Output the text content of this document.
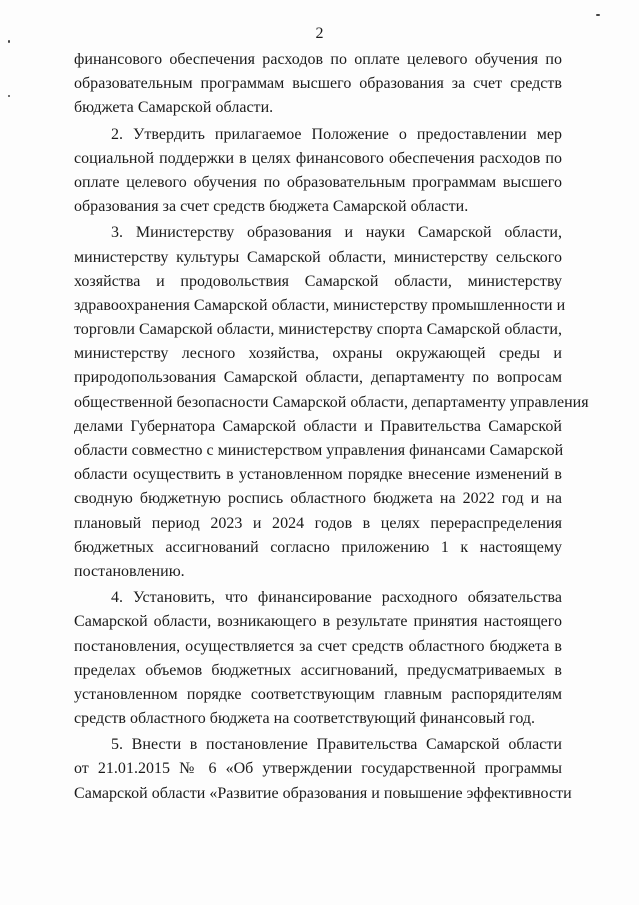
2
финансового обеспечения расходов по оплате целевого обучения по
образовательным программам высшего образования за счет средств
бюджета Самарской области.
2. Утвердить прилагаемое Положение о предоставлении мер
социальной поддержки в целях финансового обеспечения расходов по
оплате целевого обучения по образовательным программам высшего
образования за счет средств бюджета Самарской области.
3. Министерству образования и науки Самарской области,
министерству культуры Самарской области, министерству сельского
хозяйства и продовольствия Самарской области, министерству
здравоохранения Самарской области, министерству промышленности и
торговли Самарской области, министерству спорта Самарской области,
министерству лесного хозяйства, охраны окружающей среды и
природопользования Самарской области, департаменту по вопросам
общественной безопасности Самарской области, департаменту управления
делами Губернатора Самарской области и Правительства Самарской
области совместно с министерством управления финансами Самарской
области осуществить в установленном порядке внесение изменений в
сводную бюджетную роспись областного бюджета на 2022 год и на
плановый период 2023 и 2024 годов в целях перераспределения
бюджетных ассигнований согласно приложению 1 к настоящему
постановлению.
4. Установить, что финансирование расходного обязательства
Самарской области, возникающего в результате принятия настоящего
постановления, осуществляется за счет средств областного бюджета в
пределах объемов бюджетных ассигнований, предусматриваемых в
установленном порядке соответствующим главным распорядителям
средств областного бюджета на соответствующий финансовый год.
5. Внести в постановление Правительства Самарской области
от 21.01.2015 № 6 «Об утверждении государственной программы
Самарской области «Развитие образования и повышение эффективности
